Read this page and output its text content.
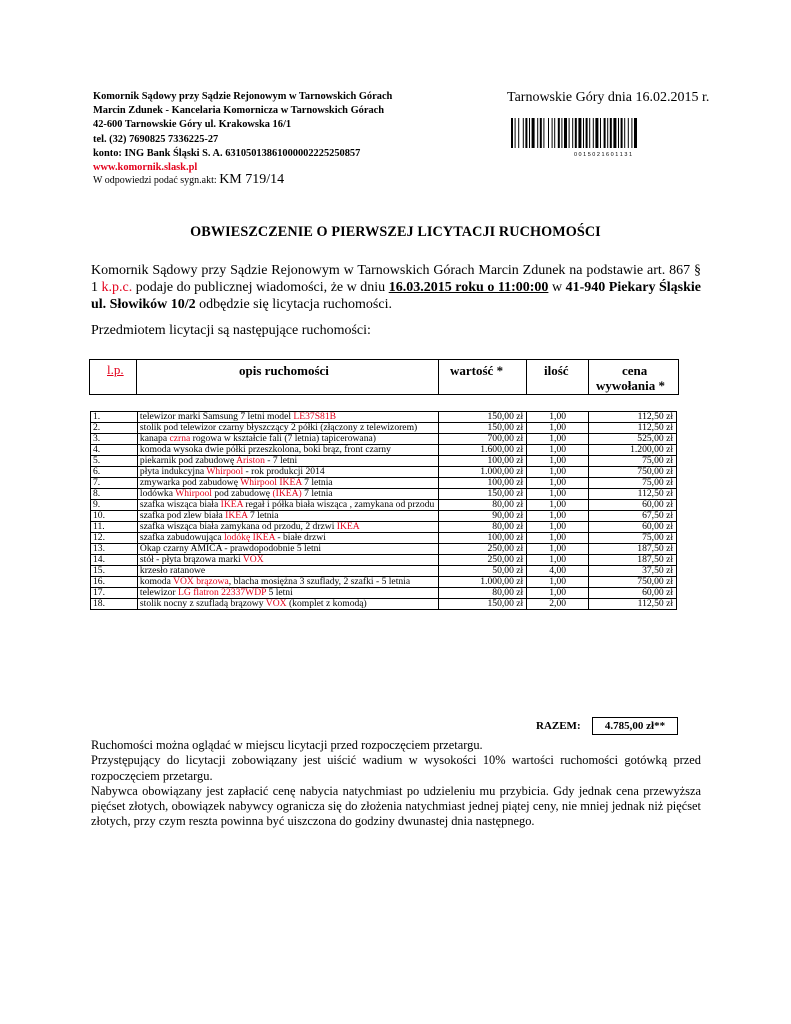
Komornik Sądowy przy Sądzie Rejonowym w Tarnowskich Górach
Marcin Zdunek - Kancelaria Komornicza w Tarnowskich Górach
42-600 Tarnowskie Góry ul. Krakowska 16/1
tel. (32) 7690825 7336225-27
konto: ING Bank Śląski S. A. 63105013861000002225250857
www.komornik.slask.pl
W odpowiedzi podać sygn.akt: KM 719/14
Tarnowskie Góry dnia 16.02.2015 r.
0 0 1 5 0 2 1 6 0 1 1 3 1
OBWIESZCZENIE O PIERWSZEJ LICYTACJI RUCHOMOŚCI
Komornik Sądowy przy Sądzie Rejonowym w Tarnowskich Górach Marcin Zdunek na podstawie art. 867 § 1 k.p.c. podaje do publicznej wiadomości, że w dniu 16.03.2015 roku o 11:00:00 w 41-940 Piekary Śląskie ul. Słowików 10/2 odbędzie się licytacja ruchomości.
Przedmiotem licytacji są następujące ruchomości:
l.p.	opis ruchomości	wartość *	ilość	cena
wywołania *
1.	telewizor marki Samsung 7 letni model LE37S81B	150,00 zł	1,00	112,50 zł
2.	stolik pod telewizor czarny błyszczący 2 półki (złączony z telewizorem)	150,00 zł	1,00	112,50 zł
3.	kanapa czrna rogowa w kształcie fali (7 letnia) tapicerowana)	700,00 zł	1,00	525,00 zł
4.	komoda wysoka dwie półki przeszkolona, boki brąz, front czarny	1.600,00 zł	1,00	1.200,00 zł
5.	piekarnik pod zabudowę Ariston - 7 letni	100,00 zł	1,00	75,00 zł
6.	płyta indukcyjna Whirpool - rok produkcji 2014	1.000,00 zł	1,00	750,00 zł
7.	zmywarka pod zabudowę Whirpool IKEA 7 letnia	100,00 zł	1,00	75,00 zł
8.	lodówka Whirpool pod zabudowę (IKEA) 7 letnia	150,00 zł	1,00	112,50 zł
9.	szafka wisząca biała IKEA regał i półka biała wisząca , zamykana od przodu	80,00 zł	1,00	60,00 zł
10.	szafka pod zlew biała IKEA 7 letnia	90,00 zł	1,00	67,50 zł
11.	szafka wisząca biała zamykana od przodu, 2 drzwi IKEA	80,00 zł	1,00	60,00 zł
12.	szafka zabudowująca lodókę IKEA - białe drzwi	100,00 zł	1,00	75,00 zł
13.	Okap czarny AMICA - prawdopodobnie 5 letni	250,00 zł	1,00	187,50 zł
14.	stół - płyta brązowa marki VOX	250,00 zł	1,00	187,50 zł
15.	krzesło ratanowe	50,00 zł	4,00	37,50 zł
16.	komoda VOX brązowa, blacha mosiężna 3 szuflady, 2 szafki - 5 letnia	1.000,00 zł	1,00	750,00 zł
17.	telewizor LG flatron 22337WDP 5 letni	80,00 zł	1,00	60,00 zł
18.	stolik nocny z szufladą brązowy VOX (komplet z komodą)	150,00 zł	2,00	112,50 zł
RAZEM:	4.785,00 zł**

Ruchomości można oglądać w miejscu licytacji przed rozpoczęciem przetargu.

Przystępujący do licytacji zobowiązany jest uiścić wadium w wysokości 10% wartości ruchomości gotówką przed rozpoczęciem przetargu.

Nabywca obowiązany jest zapłacić cenę nabycia natychmiast po udzieleniu mu przybicia. Gdy jednak cena przewyższa pięćset złotych, obowiązek nabywcy ogranicza się do złożenia natychmiast jednej piątej ceny, nie mniej jednak niż pięćset złotych, przy czym reszta powinna być uiszczona do godziny dwunastej dnia następnego.
